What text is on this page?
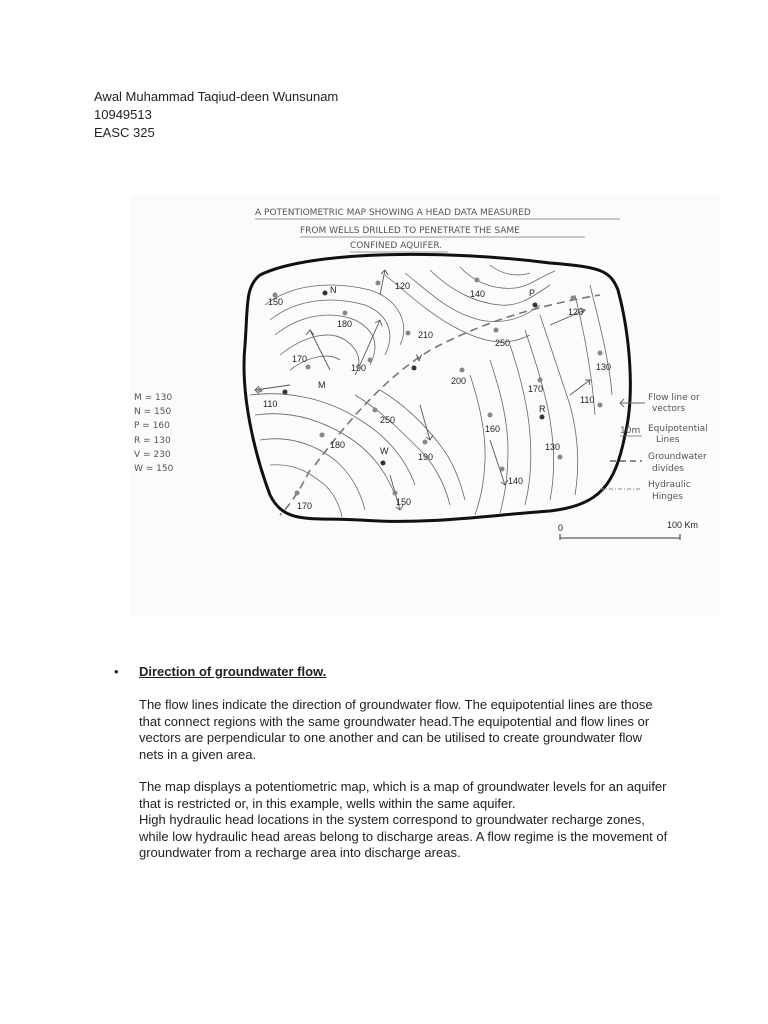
Awal Muhammad Taqiud-deen Wunsunam
10949513
EASC 325
A POTENTIOMETRIC MAP SHOWING A HEAD DATA MEASURED
FROM WELLS DRILLED TO PENETRATE THE SAME
CONFINED AQUIFER.
N	P
M
V
R
W
150
120
140
120
180
210
250
170
190	130
200
170
110	110
250
160
180
190
130
140
170	150
M = 130
N = 150
P = 160
R = 130
V = 230
W = 150
Flow line or
vectors
10m Equipotential
Lines
Groundwater
divides
Hydraulic
Hinges
0	100 Km
• Direction of groundwater flow.
The flow lines indicate the direction of groundwater flow. The equipotential lines are those
that connect regions with the same groundwater head.The equipotential and flow lines or
vectors are perpendicular to one another and can be utilised to create groundwater flow
nets in a given area.
The map displays a potentiometric map, which is a map of groundwater levels for an aquifer
that is restricted or, in this example, wells within the same aquifer.
High hydraulic head locations in the system correspond to groundwater recharge zones,
while low hydraulic head areas belong to discharge areas. A flow regime is the movement of
groundwater from a recharge area into discharge areas.
